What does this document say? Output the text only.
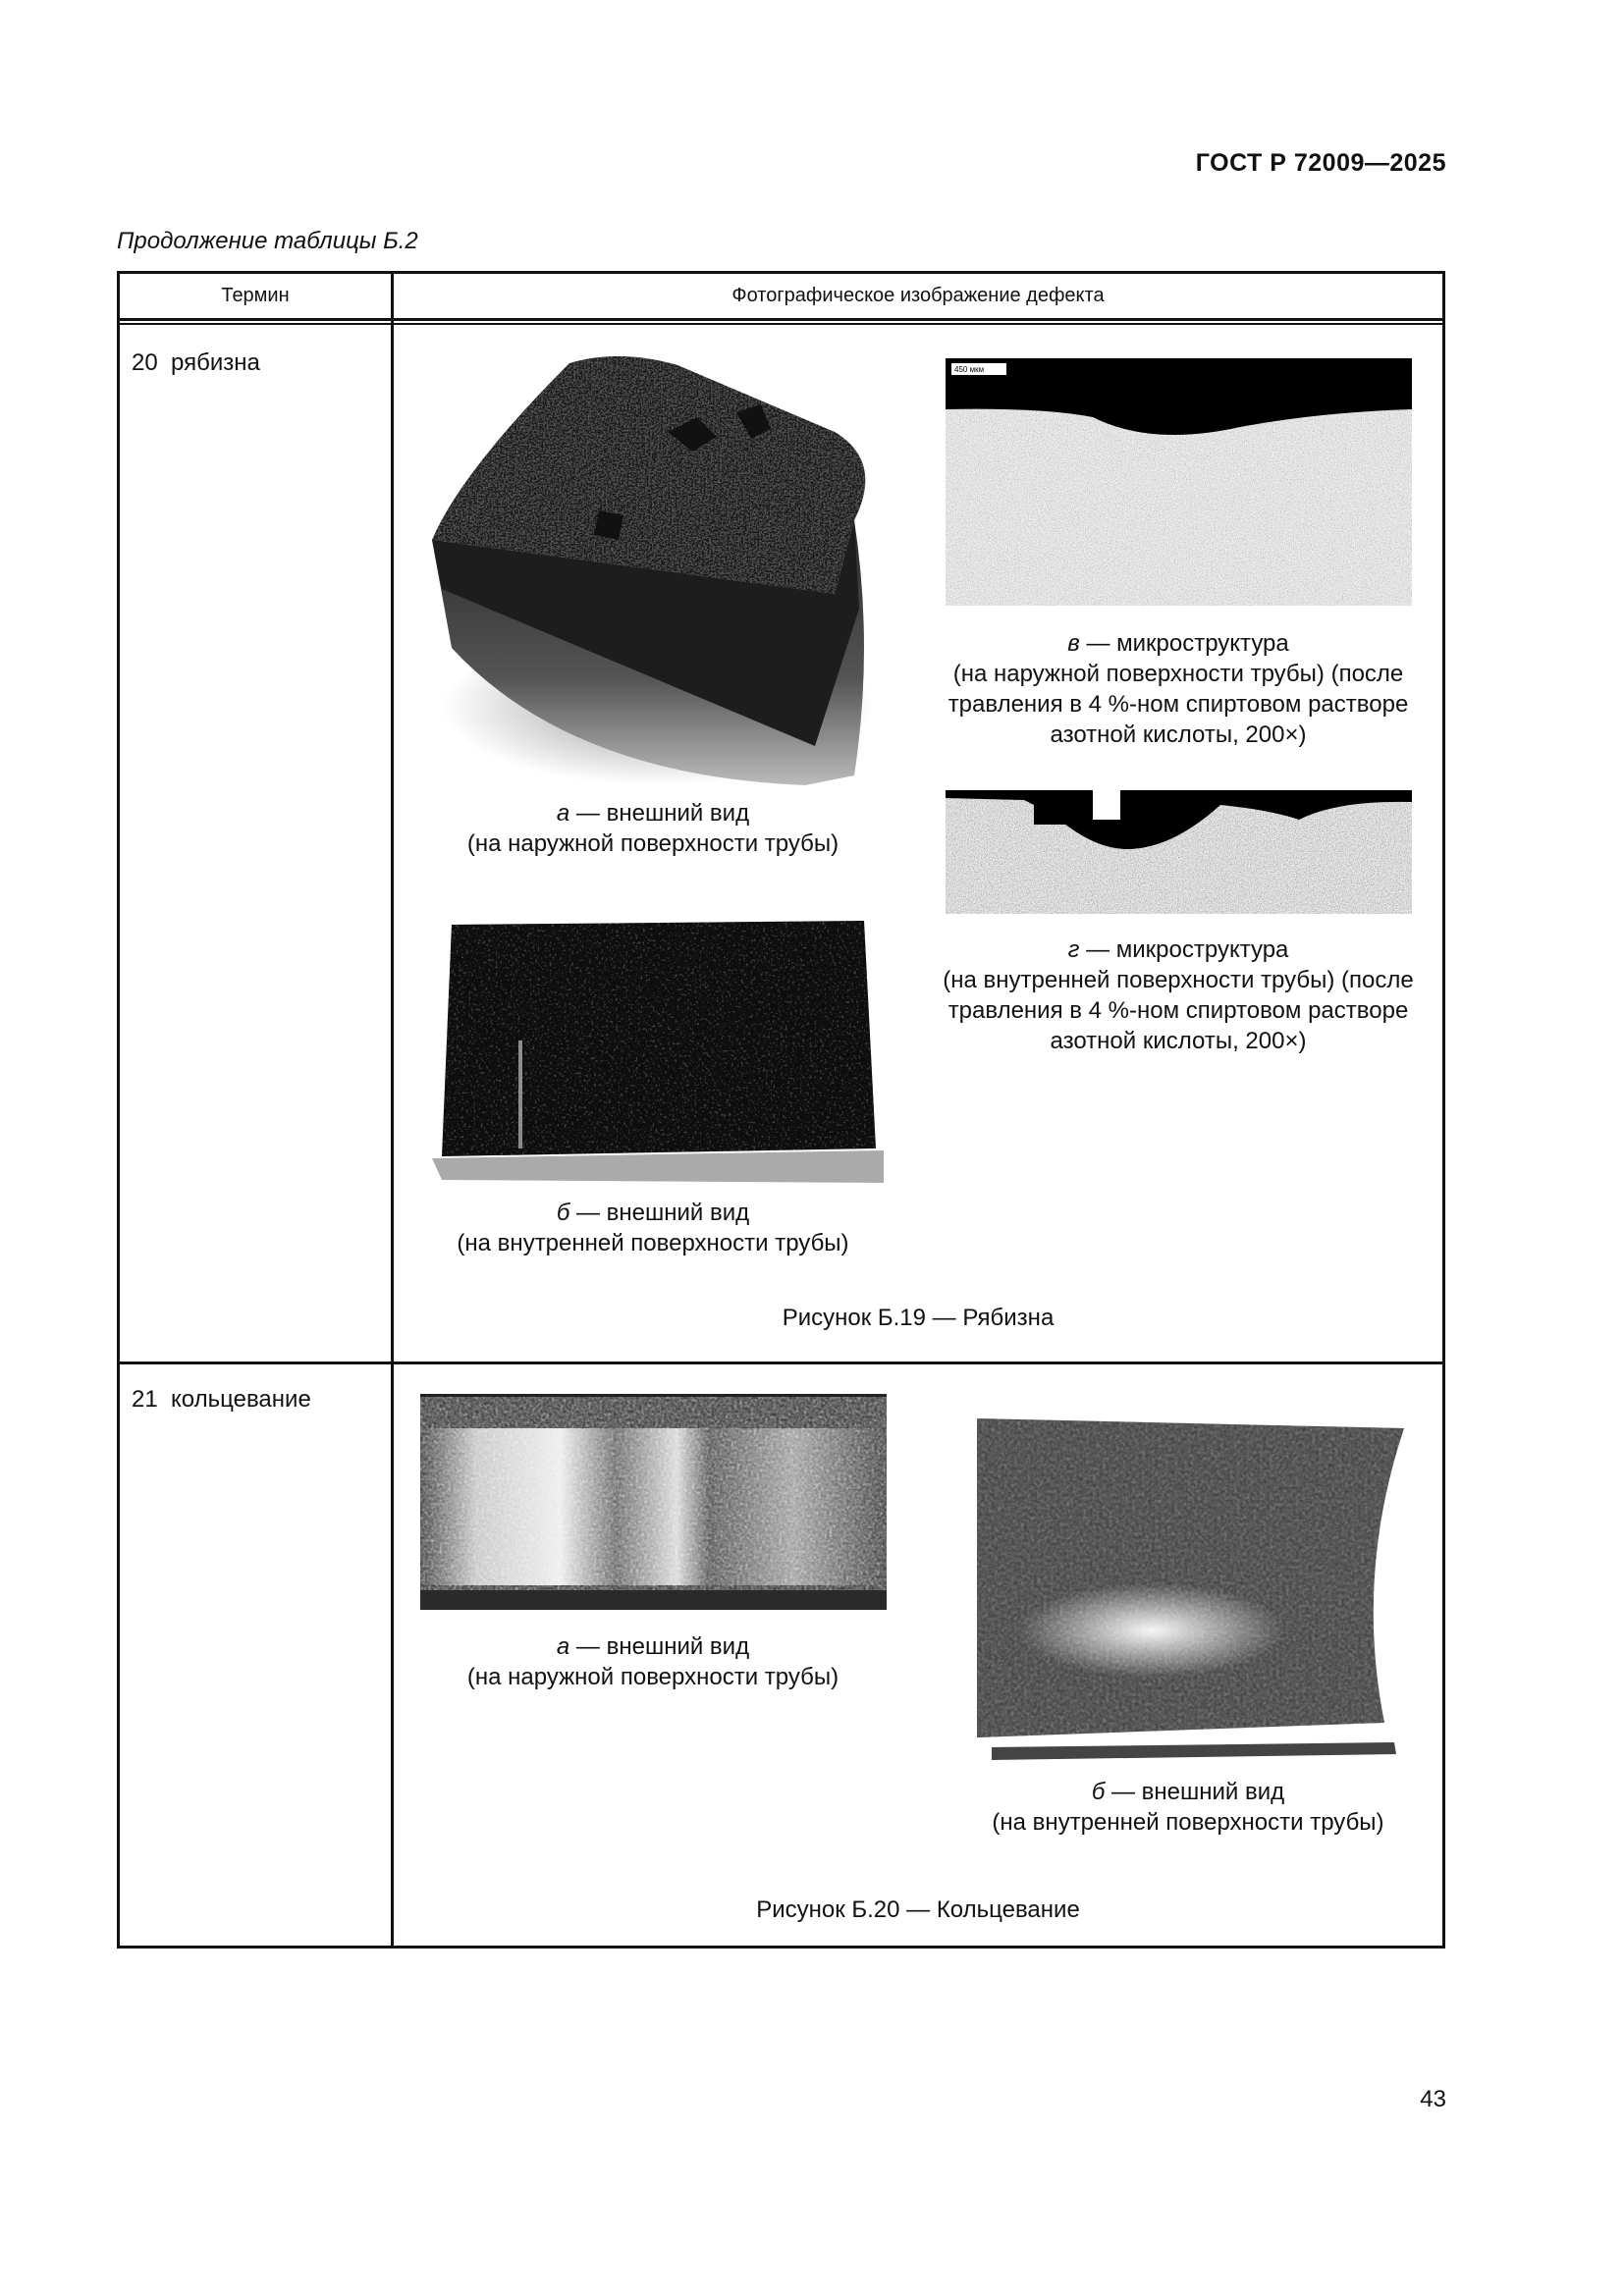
ГОСТ Р 72009—2025
Продолжение таблицы Б.2
43
Термин	Фотографическое изображение дефекта
20  рябизна
а — внешний вид
(на наружной поверхности трубы)
б — внешний вид
(на внутренней поверхности трубы)
450 мкм
в — микроструктура
(на наружной поверхности трубы) (после
травления в 4 %-ном спиртовом растворе
азотной кислоты, 200×)
г — микроструктура
(на внутренней поверхности трубы) (после
травления в 4 %-ном спиртовом растворе
азотной кислоты, 200×)
Рисунок Б.19 — Рябизна
21  кольцевание
а — внешний вид
(на наружной поверхности трубы)
б — внешний вид
(на внутренней поверхности трубы)
Рисунок Б.20 — Кольцевание
